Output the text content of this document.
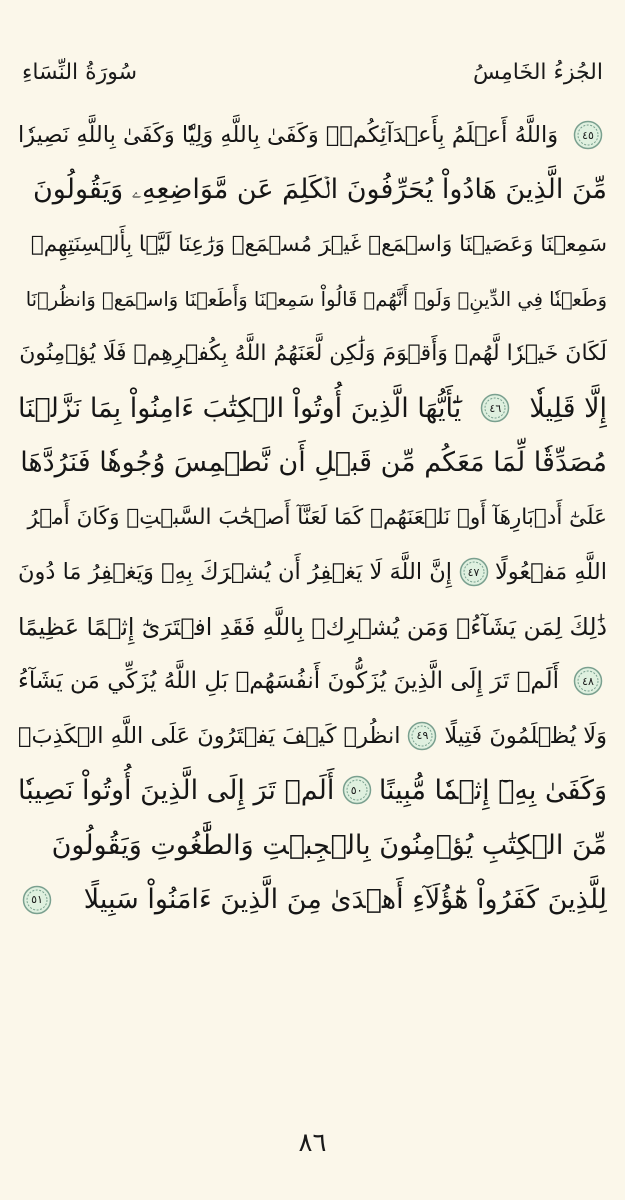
سُورَةُ النِّسَاءِ	الجُزءُ الخَامِسُ
٤٥
وَاللَّهُ أَعۡلَمُ بِأَعۡدَآئِكُمۡۚ وَكَفَىٰ بِاللَّهِ وَلِيّٗا وَكَفَىٰ بِاللَّهِ نَصِيرٗا
مِّنَ الَّذِينَ هَادُواْ يُحَرِّفُونَ الۡكَلِمَ عَن مَّوَاضِعِهِۦ وَيَقُولُونَ
سَمِعۡنَا وَعَصَيۡنَا وَاسۡمَعۡ غَيۡرَ مُسۡمَعٖ وَرَٰعِنَا لَيَّۢا بِأَلۡسِنَتِهِمۡ
وَطَعۡنٗا فِي الدِّينِۚ وَلَوۡ أَنَّهُمۡ قَالُواْ سَمِعۡنَا وَأَطَعۡنَا وَاسۡمَعۡ وَانظُرۡنَا
لَكَانَ خَيۡرٗا لَّهُمۡ وَأَقۡوَمَ وَلَٰكِن لَّعَنَهُمُ اللَّهُ بِكُفۡرِهِمۡ فَلَا يُؤۡمِنُونَ
إِلَّا قَلِيلٗا
٤٦
يَٰٓأَيُّهَا الَّذِينَ أُوتُواْ الۡكِتَٰبَ ءَامِنُواْ بِمَا نَزَّلۡنَا
مُصَدِّقٗا لِّمَا مَعَكُم مِّن قَبۡلِ أَن نَّطۡمِسَ وُجُوهٗا فَنَرُدَّهَا
عَلَىٰٓ أَدۡبَارِهَآ أَوۡ نَلۡعَنَهُمۡ كَمَا لَعَنَّآ أَصۡحَٰبَ السَّبۡتِۚ وَكَانَ أَمۡرُ
اللَّهِ مَفۡعُولًا
٤٧
إِنَّ اللَّهَ لَا يَغۡفِرُ أَن يُشۡرَكَ بِهِۦ وَيَغۡفِرُ مَا دُونَ
ذَٰلِكَ لِمَن يَشَآءُۚ وَمَن يُشۡرِكۡ بِاللَّهِ فَقَدِ افۡتَرَىٰٓ إِثۡمًا عَظِيمًا
٤٨
أَلَمۡ تَرَ إِلَى الَّذِينَ يُزَكُّونَ أَنفُسَهُمۚ بَلِ اللَّهُ يُزَكِّي مَن يَشَآءُ
وَلَا يُظۡلَمُونَ فَتِيلًا
٤٩
انظُرۡ كَيۡفَ يَفۡتَرُونَ عَلَى اللَّهِ الۡكَذِبَۖ
وَكَفَىٰ بِهِۦٓ إِثۡمٗا مُّبِينًا
٥٠
أَلَمۡ تَرَ إِلَى الَّذِينَ أُوتُواْ نَصِيبٗا
مِّنَ الۡكِتَٰبِ يُؤۡمِنُونَ بِالۡجِبۡتِ وَالطَّٰغُوتِ وَيَقُولُونَ
لِلَّذِينَ كَفَرُواْ هَٰٓؤُلَآءِ أَهۡدَىٰ مِنَ الَّذِينَ ءَامَنُواْ سَبِيلًا
٥١
٨٦
